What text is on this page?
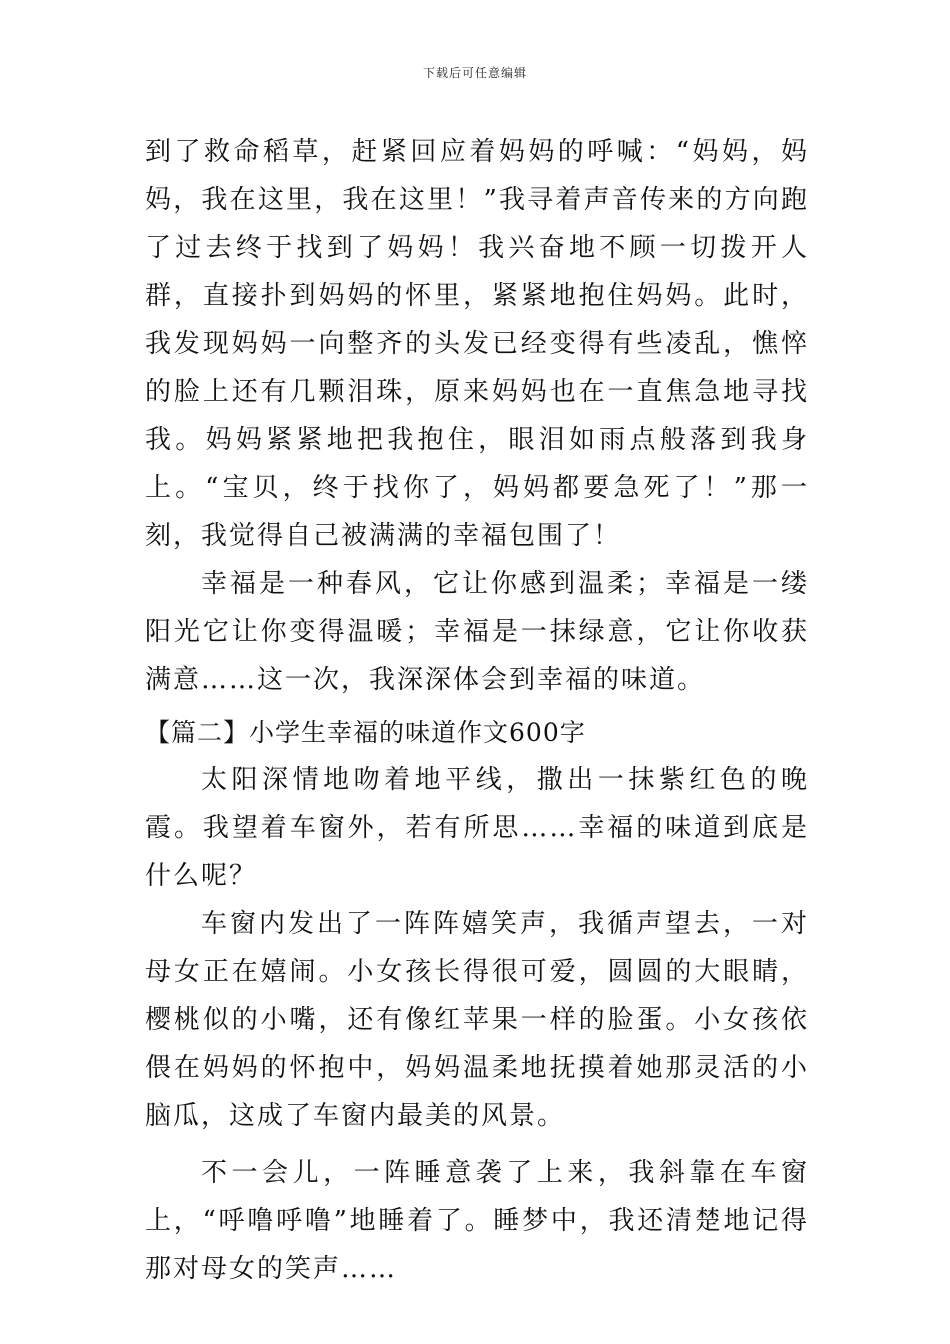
下载后可任意编辑

到了救命稻草，赶紧回应着妈妈的呼喊：“妈妈，妈妈，我在这里，我在这里！”我寻着声音传来的方向跑了过去终于找到了妈妈！我兴奋地不顾一切拨开人群，直接扑到妈妈的怀里，紧紧地抱住妈妈。此时，我发现妈妈一向整齐的头发已经变得有些凌乱，憔悴的脸上还有几颗泪珠，原来妈妈也在一直焦急地寻找我。妈妈紧紧地把我抱住，眼泪如雨点般落到我身上。“宝贝，终于找你了，妈妈都要急死了！”那一刻，我觉得自己被满满的幸福包围了！

幸福是一种春风，它让你感到温柔；幸福是一缕阳光它让你变得温暖；幸福是一抹绿意，它让你收获满意……这一次，我深深体会到幸福的味道。

【篇二】小学生幸福的味道作文600字

太阳深情地吻着地平线，撒出一抹紫红色的晚霞。我望着车窗外，若有所思……幸福的味道到底是什么呢？

车窗内发出了一阵阵嬉笑声，我循声望去，一对母女正在嬉闹。小女孩长得很可爱，圆圆的大眼睛，樱桃似的小嘴，还有像红苹果一样的脸蛋。小女孩依偎在妈妈的怀抱中，妈妈温柔地抚摸着她那灵活的小脑瓜，这成了车窗内最美的风景。

不一会儿，一阵睡意袭了上来，我斜靠在车窗上，“呼噜呼噜”地睡着了。睡梦中，我还清楚地记得那对母女的笑声……
